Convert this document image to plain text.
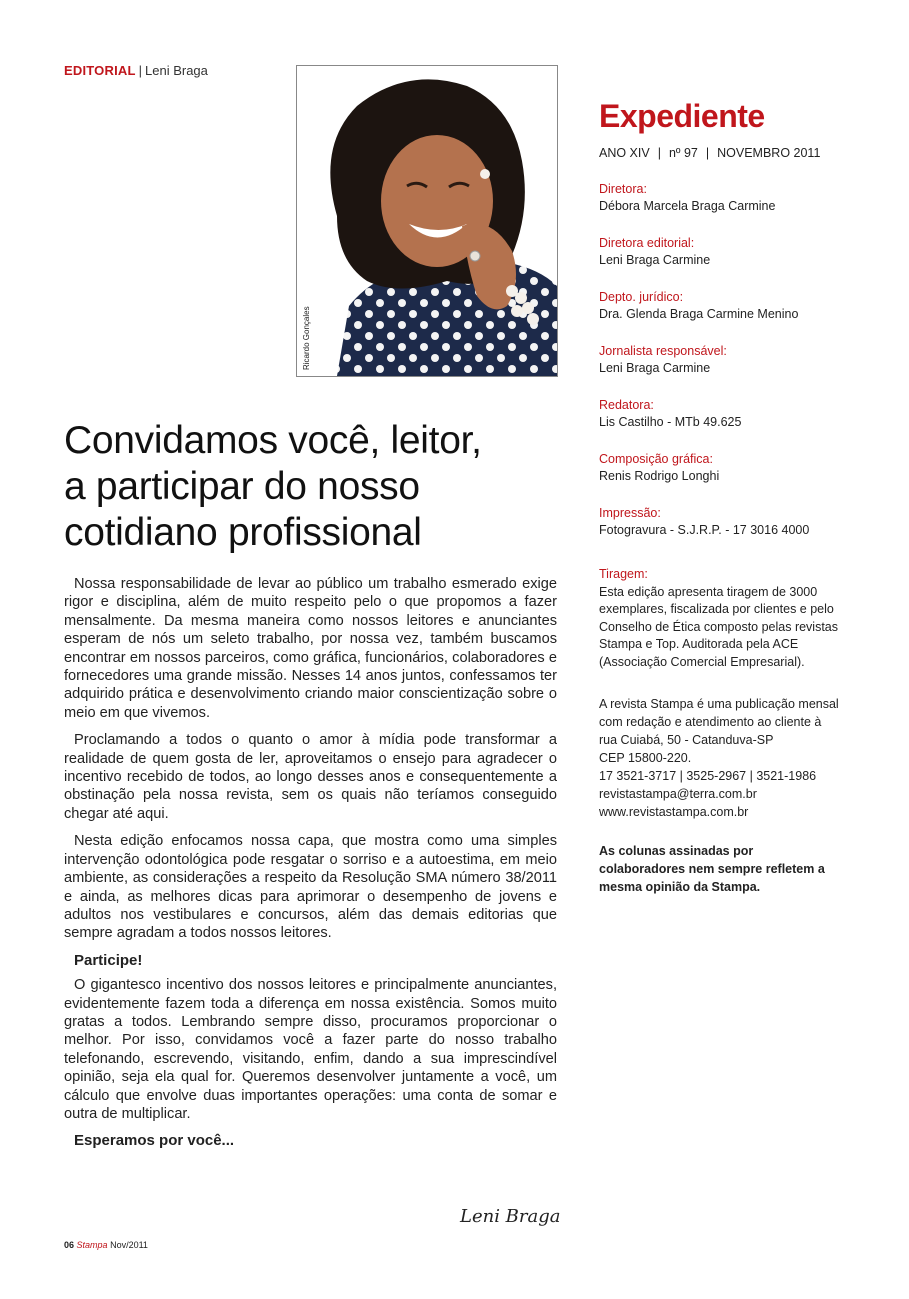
EDITORIAL | Leni Braga
Ricardo Gonçales
Convidamos você, leitor,
a participar do nosso
cotidiano profissional

Nossa responsabilidade de levar ao público um trabalho esmerado exige rigor e disciplina, além de muito respeito pelo o que propomos a fazer mensalmente. Da mesma maneira como nossos leitores e anunciantes esperam de nós um seleto trabalho, por nossa vez, também buscamos encontrar em nossos parceiros, como gráfica, funcionários, colaboradores e fornecedores uma grande missão. Nesses 14 anos juntos, confessamos ter adquirido prática e desenvolvimento criando maior conscientização sobre o meio em que vivemos.

Proclamando a todos o quanto o amor à mídia pode transformar a realidade de quem gosta de ler, aproveitamos o ensejo para agradecer o incentivo recebido de todos, ao longo desses anos e consequentemente a obstinação pela nossa revista, sem os quais não teríamos conseguido chegar até aqui.

Nesta edição enfocamos nossa capa, que mostra como uma simples intervenção odontológica pode resgatar o sorriso e a autoestima, em meio ambiente, as considerações a respeito da Resolução SMA número 38/2011 e ainda, as melhores dicas para aprimorar o desempenho de jovens e adultos nos vestibulares e concursos, além das demais editorias que sempre agradam a todos nossos leitores.

Participe!

O gigantesco incentivo dos nossos leitores e principalmente anunciantes, evidentemente fazem toda a diferença em nossa existência. Somos muito gratas a todos. Lembrando sempre disso, procuramos proporcionar o melhor. Por isso, convidamos você a fazer parte do nosso trabalho telefonando, escrevendo, visitando, enfim, dando a sua imprescindível opinião, seja ela qual for. Queremos desenvolver juntamente a você, um cálculo que envolve duas importantes operações: uma conta de somar e outra de multiplicar.

Esperamos por você...
Leni Braga
06 Stampa Nov/2011
Expediente
ANO XIV | nº 97 | NOVEMBRO 2011
Diretora:
Débora Marcela Braga Carmine
Diretora editorial:
Leni Braga Carmine
Depto. jurídico:
Dra. Glenda Braga Carmine Menino
Jornalista responsável:
Leni Braga Carmine
Redatora:
Lis Castilho - MTb 49.625
Composição gráfica:
Renis Rodrigo Longhi
Impressão:
Fotogravura - S.J.R.P. - 17 3016 4000
Tiragem:
Esta edição apresenta tiragem de 3000 exemplares, fiscalizada por clientes e pelo Conselho de Ética composto pelas revistas Stampa e Top. Auditorada pela ACE (Associação Comercial Empresarial).
A revista Stampa é uma publicação mensal com redação e atendimento ao cliente à rua Cuiabá, 50 - Catanduva-SP
CEP 15800-220.
17 3521-3717 | 3525-2967 | 3521-1986
revistastampa@terra.com.br
www.revistastampa.com.br
As colunas assinadas por colaboradores nem sempre refletem a mesma opinião da Stampa.
